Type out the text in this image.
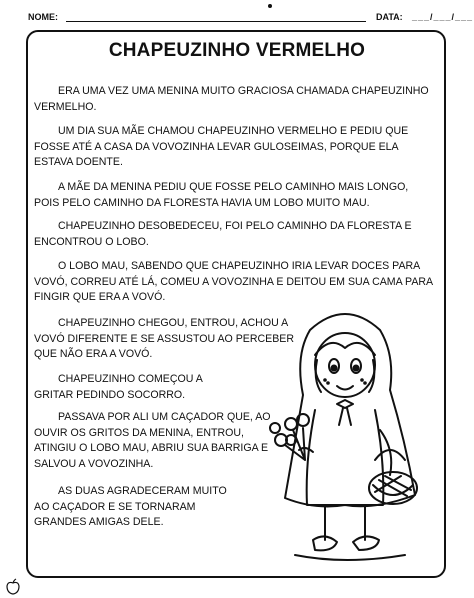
NOME:	DATA: ___/___/___
CHAPEUZINHO VERMELHO

ERA UMA VEZ UMA MENINA MUITO GRACIOSA CHAMADA CHAPEUZINHO VERMELHO.

UM DIA SUA MÃE CHAMOU CHAPEUZINHO VERMELHO E PEDIU QUE FOSSE ATÉ A CASA DA VOVOZINHA LEVAR GULOSEIMAS, PORQUE ELA ESTAVA DOENTE.

A MÃE DA MENINA PEDIU QUE FOSSE PELO CAMINHO MAIS LONGO, POIS PELO CAMINHO DA FLORESTA HAVIA UM LOBO MUITO MAU.

CHAPEUZINHO DESOBEDECEU, FOI PELO CAMINHO DA FLORESTA E ENCONTROU O LOBO.

O LOBO MAU, SABENDO QUE CHAPEUZINHO IRIA LEVAR DOCES PARA VOVÓ, CORREU ATÉ LÁ, COMEU A VOVOZINHA E DEITOU EM SUA CAMA PARA FINGIR QUE ERA A VOVÓ.

CHAPEUZINHO CHEGOU, ENTROU, ACHOU A VOVÓ DIFERENTE E SE ASSUSTOU AO PERCEBER QUE NÃO ERA A VOVÓ.

CHAPEUZINHO COMEÇOU A GRITAR PEDINDO SOCORRO.

PASSAVA POR ALI UM CAÇADOR QUE, AO OUVIR OS GRITOS DA MENINA, ENTROU, ATINGIU O LOBO MAU, ABRIU SUA BARRIGA E SALVOU A VOVOZINHA.

AS DUAS AGRADECERAM MUITO AO CAÇADOR E SE TORNARAM GRANDES AMIGAS DELE.
